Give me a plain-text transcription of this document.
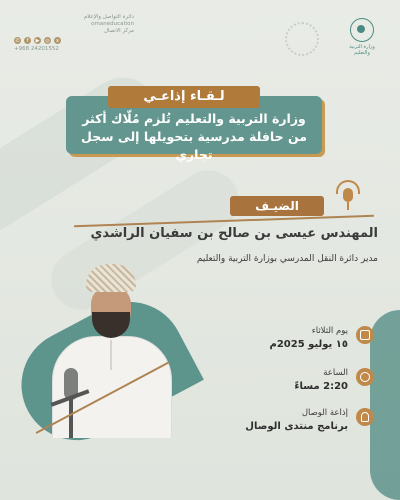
دائرة التواصل والإعلام
omaneducation
مركز الاتصال
x
◎
▶
f
✆
+968 24201552	وزارة التربية والتعليم
وزارة التربية والتعليم تُلزم مُلّاك أكثر
من حافلة مدرسية بتحويلها إلى سجل تجاري
لـقـاء إذاعـي
الضيـف
المهندس عيسى بن صالح بن سفيان الراشدي
مدير دائرة النقل المدرسي بوزارة التربية والتعليم
يوم الثلاثاء
١٥ يوليو 2025م
الساعة
2:20 مساءً
إذاعة الوصال
برنامج منتدى الوصال
